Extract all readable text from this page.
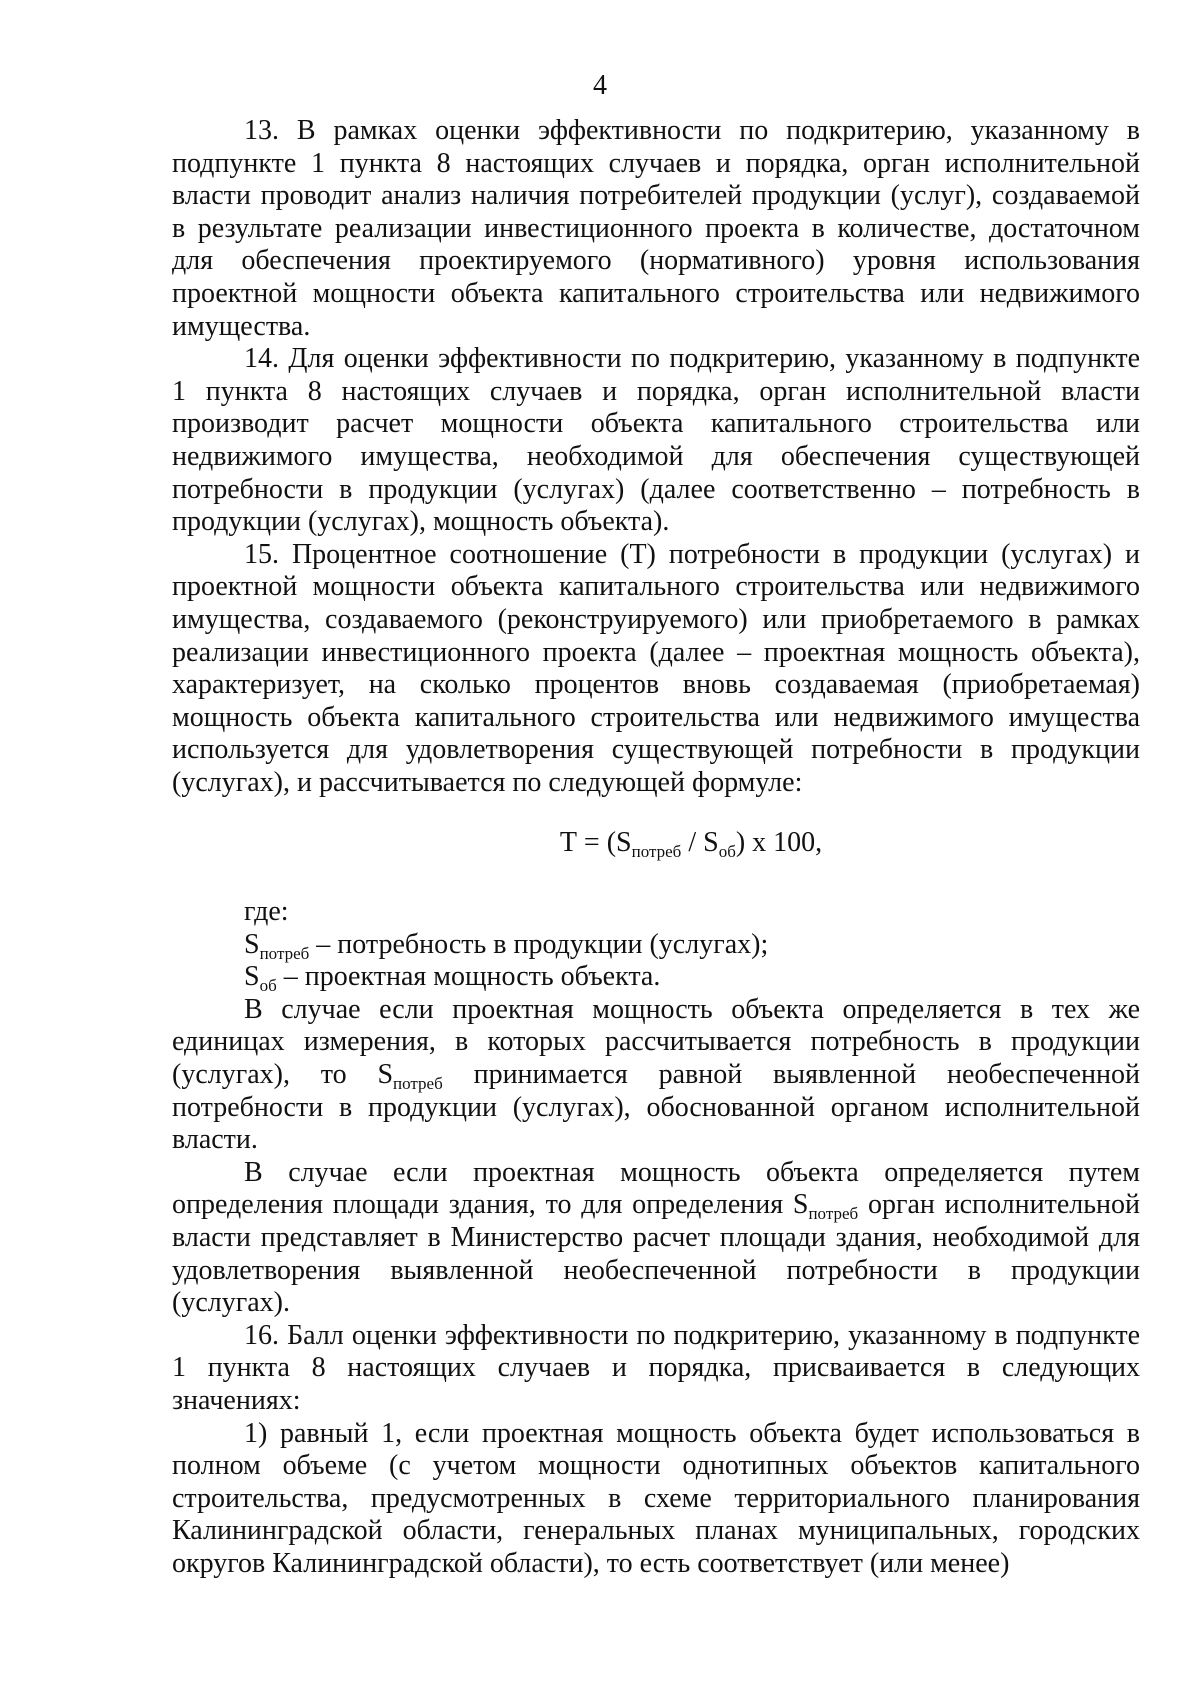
4

13. В рамках оценки эффективности по подкритерию, указанному в подпункте 1 пункта 8 настоящих случаев и порядка, орган исполнительной власти проводит анализ наличия потребителей продукции (услуг), создаваемой в результате реализации инвестиционного проекта в количестве, достаточном для обеспечения проектируемого (нормативного) уровня использования проектной мощности объекта капитального строительства или недвижимого имущества.

14. Для оценки эффективности по подкритерию, указанному в подпункте 1 пункта 8 настоящих случаев и порядка, орган исполнительной власти производит расчет мощности объекта капитального строительства или недвижимого имущества, необходимой для обеспечения существующей потребности в продукции (услугах) (далее соответственно – потребность в продукции (услугах), мощность объекта).

15. Процентное соотношение (Т) потребности в продукции (услугах) и проектной мощности объекта капитального строительства или недвижимого имущества, создаваемого (реконструируемого) или приобретаемого в рамках реализации инвестиционного проекта (далее – проектная мощность объекта), характеризует, на сколько процентов вновь создаваемая (приобретаемая) мощность объекта капитального строительства или недвижимого имущества используется для удовлетворения существующей потребности в продукции (услугах), и рассчитывается по следующей формуле:

$Т = (S_{потреб} / S_{об})$ х 100,

где:

$S_{потреб}$ – потребность в продукции (услугах);

$S_{об}$ – проектная мощность объекта.

В случае если проектная мощность объекта определяется в тех же единицах измерения, в которых рассчитывается потребность в продукции (услугах), то $S_{потреб}$ принимается равной выявленной необеспеченной потребности в продукции (услугах), обоснованной органом исполнительной власти.

В случае если проектная мощность объекта определяется путем определения площади здания, то для определения $S_{потреб}$ орган исполнительной власти представляет в Министерство расчет площади здания, необходимой для удовлетворения выявленной необеспеченной потребности в продукции (услугах).

16. Балл оценки эффективности по подкритерию, указанному в подпункте 1 пункта 8 настоящих случаев и порядка, присваивается в следующих значениях:

1) равный 1, если проектная мощность объекта будет использоваться в полном объеме (с учетом мощности однотипных объектов капитального строительства, предусмотренных в схеме территориального планирования Калининградской области, генеральных планах муниципальных, городских округов Калининградской области), то есть соответствует (или менее)
